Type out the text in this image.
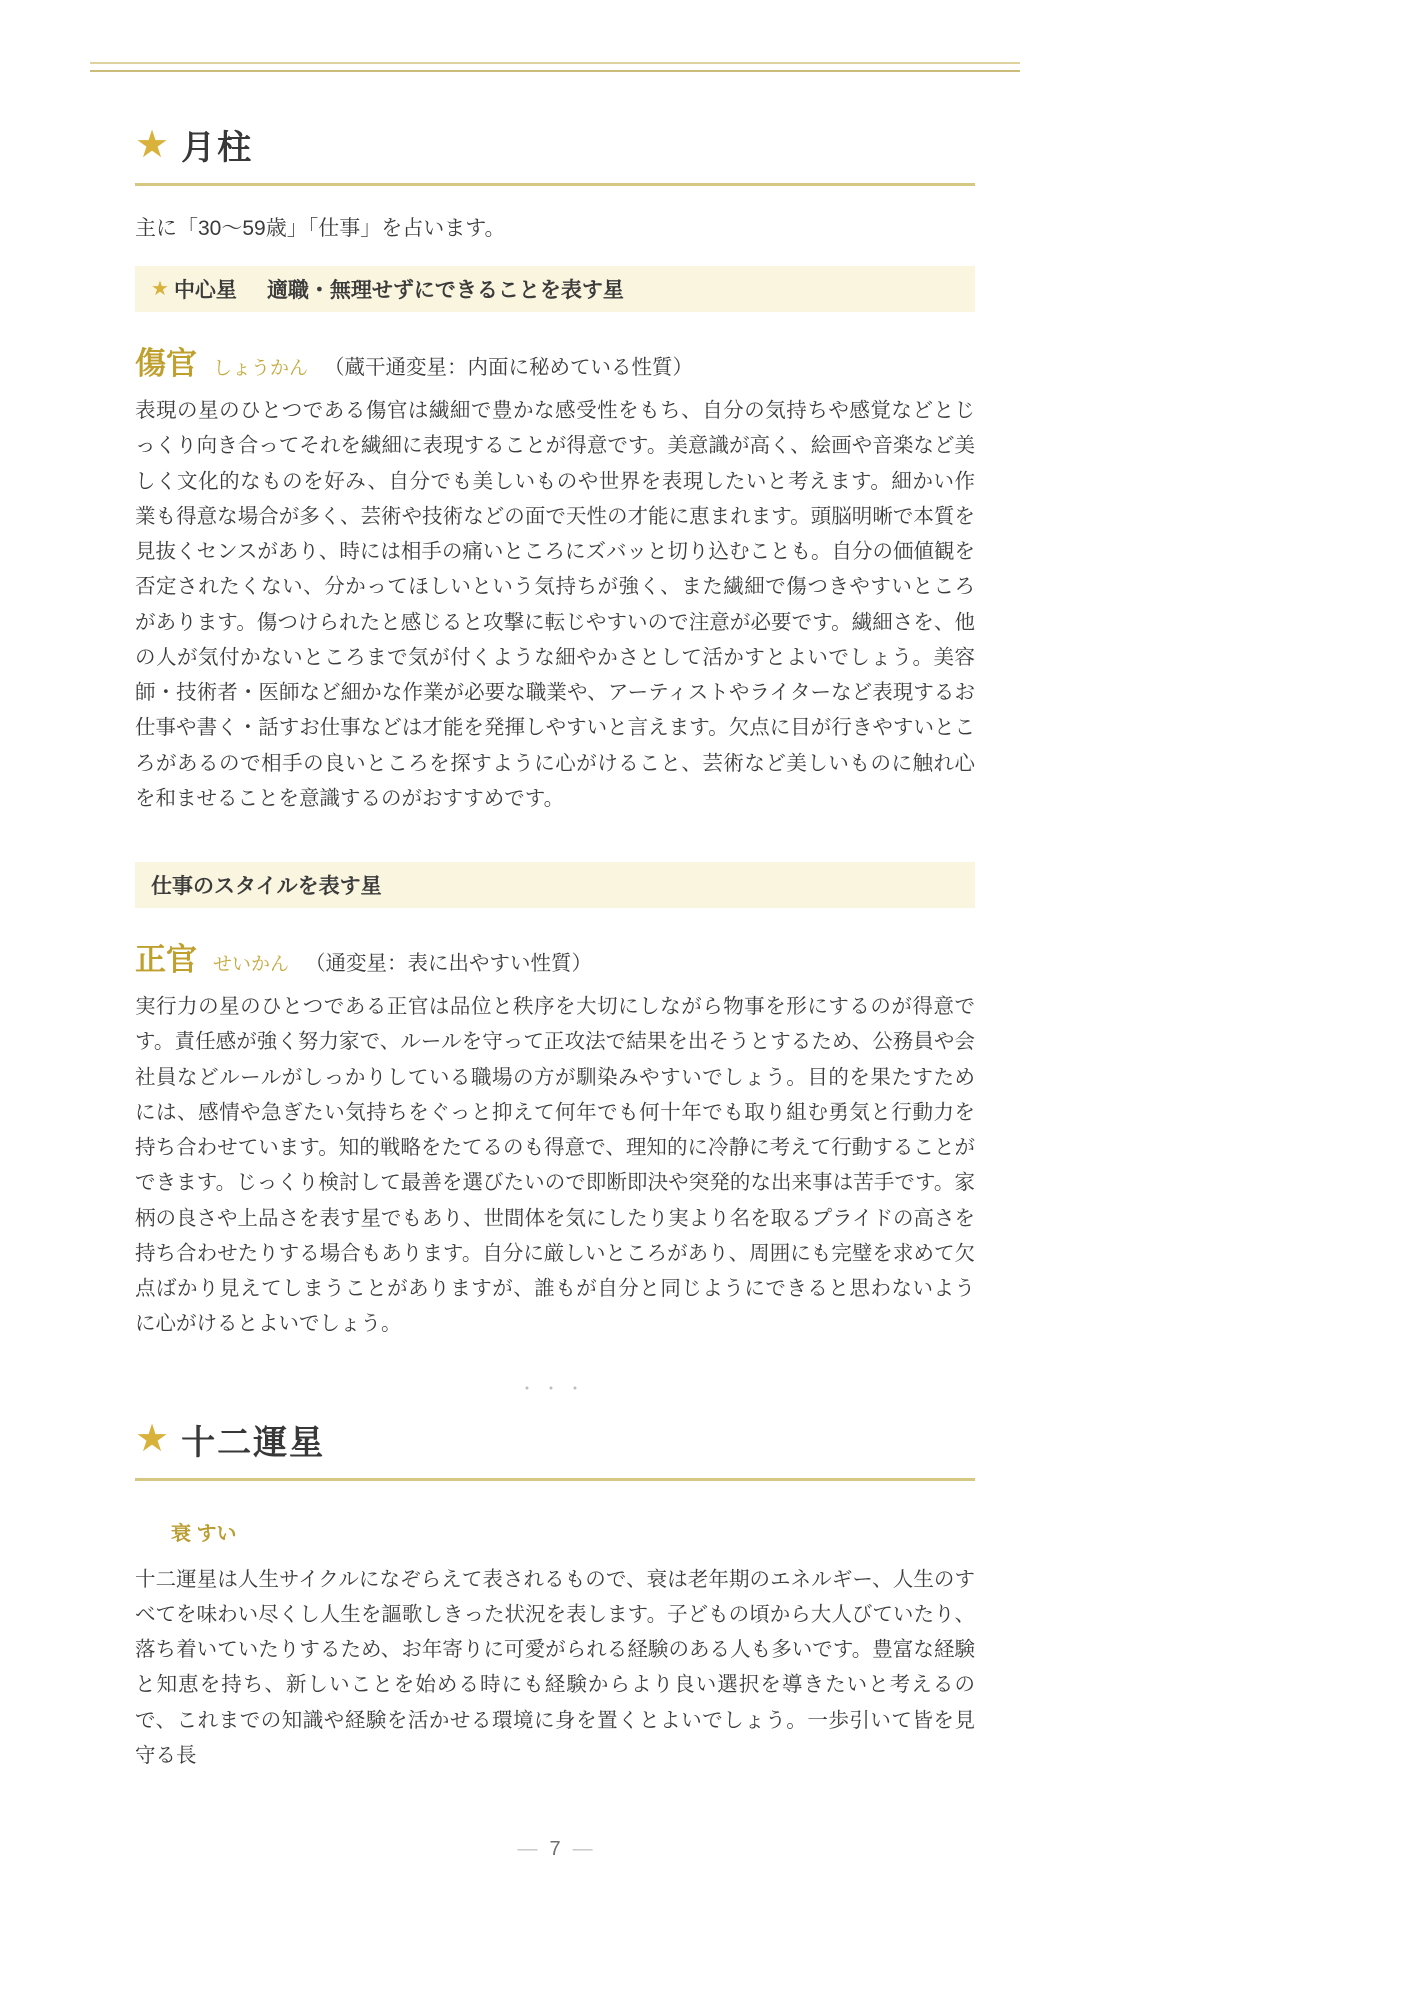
★ 月柱

主に「30〜59歳」「仕事」を占います。

★ 中心星 適職・無理せずにできることを表す星
傷官 しょうかん （蔵干通変星：内面に秘めている性質）

表現の星のひとつである傷官は繊細で豊かな感受性をもち、自分の気持ちや感覚などとじっくり向き合ってそれを繊細に表現することが得意です。美意識が高く、絵画や音楽など美しく文化的なものを好み、自分でも美しいものや世界を表現したいと考えます。細かい作業も得意な場合が多く、芸術や技術などの面で天性の才能に恵まれます。頭脳明晰で本質を見抜くセンスがあり、時には相手の痛いところにズバッと切り込むことも。自分の価値観を否定されたくない、分かってほしいという気持ちが強く、また繊細で傷つきやすいところがあります。傷つけられたと感じると攻撃に転じやすいので注意が必要です。繊細さを、他の人が気付かないところまで気が付くような細やかさとして活かすとよいでしょう。美容師・技術者・医師など細かな作業が必要な職業や、アーティストやライターなど表現するお仕事や書く・話すお仕事などは才能を発揮しやすいと言えます。欠点に目が行きやすいところがあるので相手の良いところを探すように心がけること、芸術など美しいものに触れ心を和ませることを意識するのがおすすめです。

仕事のスタイルを表す星
正官 せいかん （通変星：表に出やすい性質）

実行力の星のひとつである正官は品位と秩序を大切にしながら物事を形にするのが得意です。責任感が強く努力家で、ルールを守って正攻法で結果を出そうとするため、公務員や会社員などルールがしっかりしている職場の方が馴染みやすいでしょう。目的を果たすためには、感情や急ぎたい気持ちをぐっと抑えて何年でも何十年でも取り組む勇気と行動力を持ち合わせています。知的戦略をたてるのも得意で、理知的に冷静に考えて行動することができます。じっくり検討して最善を選びたいので即断即決や突発的な出来事は苦手です。家柄の良さや上品さを表す星でもあり、世間体を気にしたり実より名を取るプライドの高さを持ち合わせたりする場合もあります。自分に厳しいところがあり、周囲にも完璧を求めて欠点ばかり見えてしまうことがありますが、誰もが自分と同じようにできると思わないように心がけるとよいでしょう。

・・・
★ 十二運星

衰 すい

十二運星は人生サイクルになぞらえて表されるもので、衰は老年期のエネルギー、人生のすべてを味わい尽くし人生を謳歌しきった状況を表します。子どもの頃から大人びていたり、落ち着いていたりするため、お年寄りに可愛がられる経験のある人も多いです。豊富な経験と知恵を持ち、新しいことを始める時にも経験からより良い選択を導きたいと考えるので、これまでの知識や経験を活かせる環境に身を置くとよいでしょう。一歩引いて皆を見守る長

— 7 —
